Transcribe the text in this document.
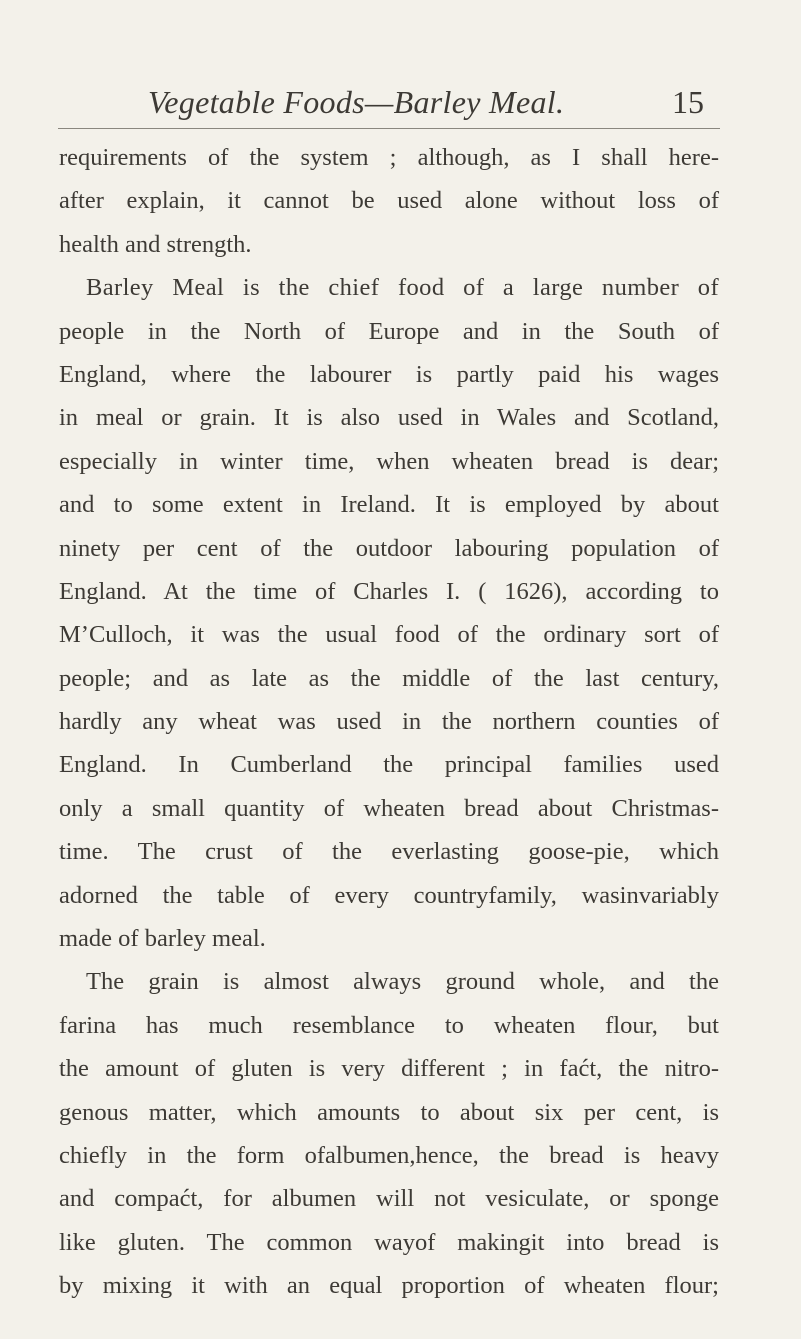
Vegetable Foods—Barley Meal.	15
requirements of the system ; although, as I shall here-
after explain, it cannot be used alone without loss of
health and strength.
Barley Meal is the chief food of a large number of
people in the North of Europe and in the South of
England, where the labourer is partly paid his wages
in meal or grain. It is also used in Wales and Scotland,
especially in winter time, when wheaten bread is dear;
and to some extent in Ireland. It is employed by about
ninety per cent of the outdoor labouring population of
England. At the time of Charles I. ( 1626), according to
M’Culloch, it was the usual food of the ordinary sort of
people; and as late as the middle of the last century,
hardly any wheat was used in the northern counties of
England. In Cumberland the principal families used
only a small quantity of wheaten bread about Christmas-
time. The crust of the everlasting goose-pie, which
adorned the table of every countryfamily, wasinvariably
made of barley meal.
The grain is almost always ground whole, and the
farina has much resemblance to wheaten flour, but
the amount of gluten is very different ; in faćt, the nitro-
genous matter, which amounts to about six per cent, is
chiefly in the form ofalbumen,hence, the bread is heavy
and compaćt, for albumen will not vesiculate, or sponge
like gluten. The common wayof makingit into bread is
by mixing it with an equal proportion of wheaten flour;
